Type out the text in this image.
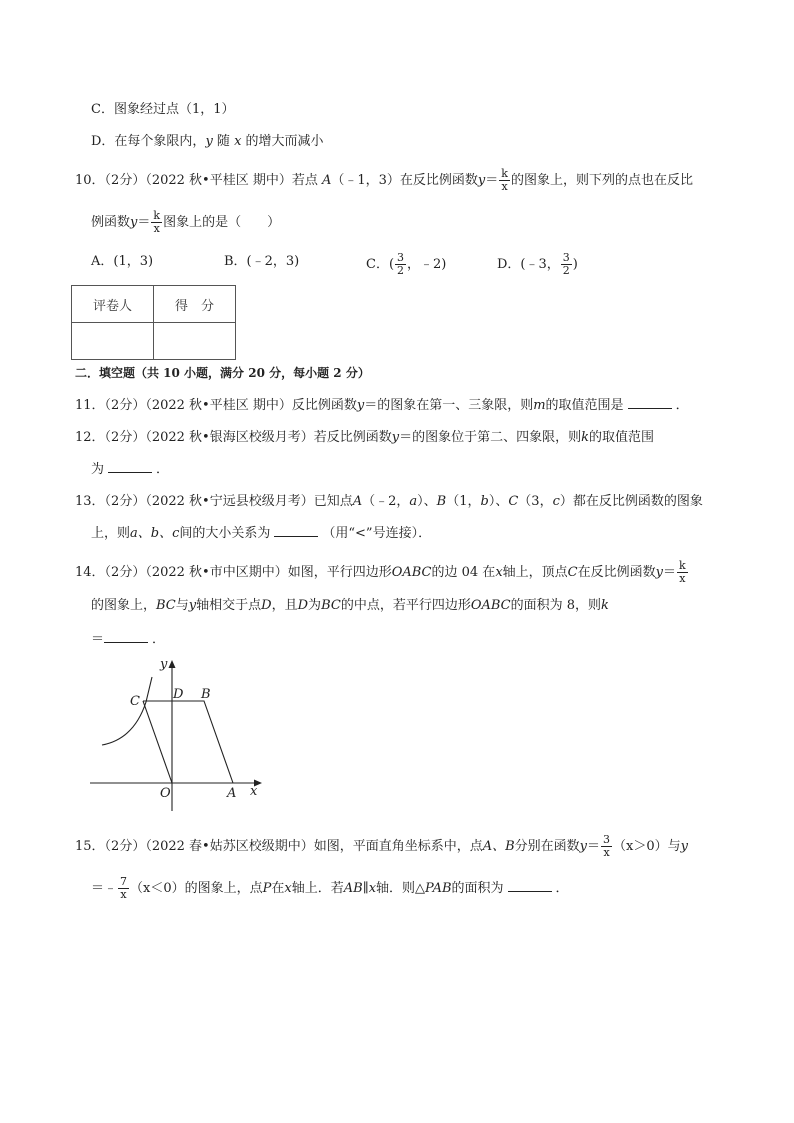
C．图象经过点（1，1）
D．在每个象限内，y 随 x 的增大而减小
10．（2分）（2022 秋•平桂区 期中）若点 A（﹣1，3）在反比例函数$y= \frac{k}{x}$ 的图象上，则下列的点也在反比
例函数$y= \frac{k}{x}$ 图象上的是（　　）
A．(1，3)	B．(﹣2，3)	C．( $\frac{3}{2}$ ，﹣2)	D．(﹣3， $\frac{3}{2}$ )
评卷人	得　分

二．填空题（共 10 小题，满分 20 分，每小题 2 分）
11．（2分）（2022 秋•平桂区 期中）反比例函数y＝的图象在第一、三象限，则m的取值范围是	．
12．（2分）（2022 秋•银海区校级月考）若反比例函数y＝的图象位于第二、四象限，则k的取值范围
为	．
13．（2分）（2022 秋•宁远县校级月考）已知点A（﹣2，a）、B（1，b）、C（3，c）都在反比例函数的图象
上，则a、b、c间的大小关系为	（用“<”号连接）．
14．（2分）（2022 秋•市中区期中）如图，平行四边形OABC的边 04 在x轴上，顶点C在反比例函数$y= \frac{k}{x}$
的图象上，BC与y轴相交于点D，且D为BC的中点，若平行四边形OABC的面积为 8，则k
＝	．
y
x
C	D B
O	A
15．（2分）（2022 春•姑苏区校级期中）如图，平面直角坐标系中，点A、B分别在函数$y= \frac{3}{x} (x>0)$与y
＝﹣ $\frac{7}{x} (x<0)$的图象上，点P在x轴上．若AB∥x轴．则△PAB的面积为	．
